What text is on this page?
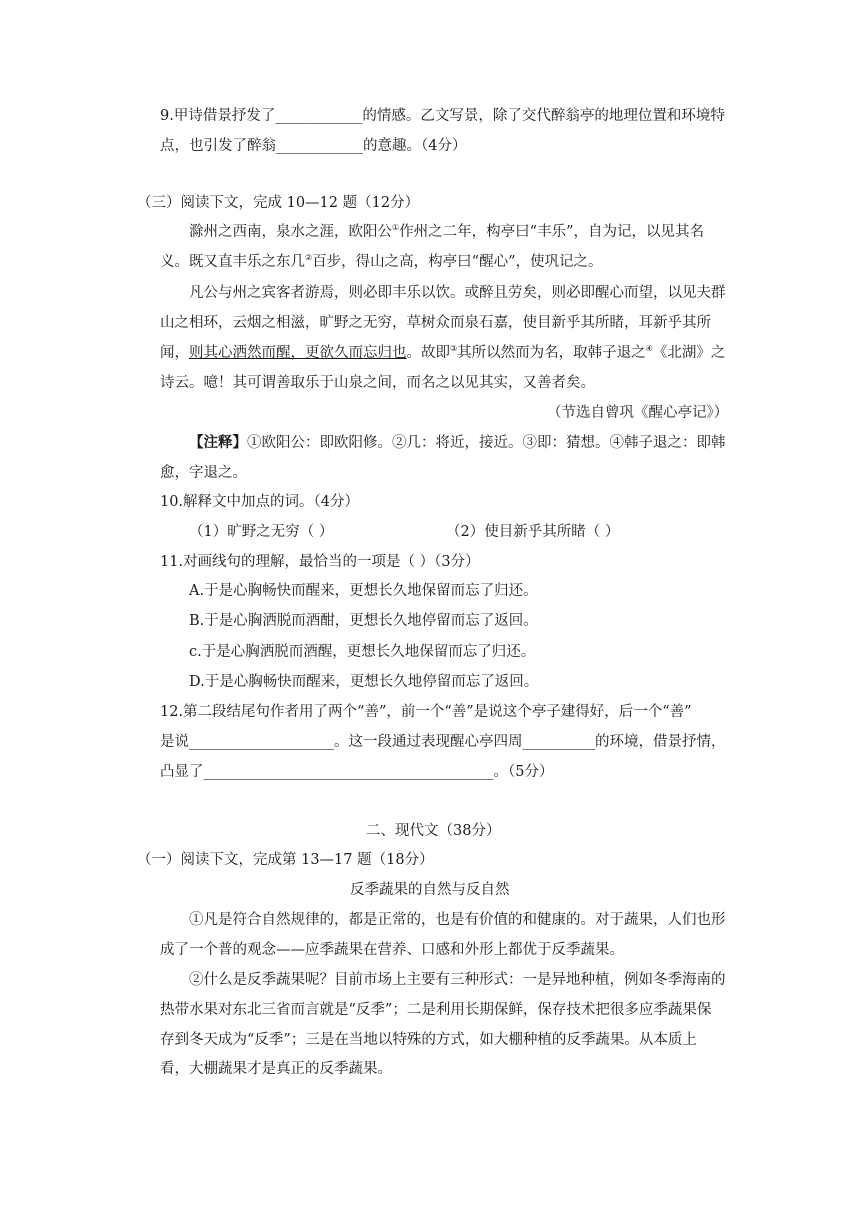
9.甲诗借景抒发了____________的情感。乙文写景，除了交代醉翁亭的地理位置和环境特
点，也引发了醉翁____________的意趣。（4分）
（三）阅读下文，完成 10—12 题（12分）
滁州之西南，泉水之涯，欧阳公①作州之二年，构亭曰“丰乐”，自为记，以见其名
义。既又直丰乐之东几②百步，得山之高，构亭曰“醒心”，使巩记之。
凡公与州之宾客者游焉，则必即丰乐以饮。或醉且劳矣，则必即醒心而望，以见夫群
山之相环，云烟之相滋，旷野之无穷，草树众而泉石嘉，使目新乎其所睹，耳新乎其所
闻，则其心洒然而醒，更欲久而忘归也。故即③其所以然而为名，取韩子退之④《北湖》之
诗云。噫！其可谓善取乐于山泉之间，而名之以见其实，又善者矣。
（节选自曾巩《醒心亭记》）
【注释】①欧阳公：即欧阳修。②几：将近，接近。③即：猜想。④韩子退之：即韩
愈，字退之。
10.解释文中加点的词。（4分）
（1）旷野之无穷（ ）	（2）使目新乎其所睹（ ）
11.对画线句的理解，最恰当的一项是（ ）（3分）
A.于是心胸畅快而醒来，更想长久地保留而忘了归还。
B.于是心胸洒脱而酒酣，更想长久地停留而忘了返回。
c.于是心胸洒脱而酒醒，更想长久地保留而忘了归还。
D.于是心胸畅快而醒来，更想长久地停留而忘了返回。
12.第二段结尾句作者用了两个“善”，前一个“善”是说这个亭子建得好，后一个“善”
是说____________________。这一段通过表现醒心亭四周__________的环境，借景抒情，
凸显了________________________________________。（5分）
二、现代文（38分）
（一）阅读下文，完成第 13—17 题（18分）
反季蔬果的自然与反自然
①凡是符合自然规律的，都是正常的，也是有价值的和健康的。对于蔬果，人们也形
成了一个普的观念——应季蔬果在营养、口感和外形上都优于反季蔬果。
②什么是反季蔬果呢？目前市场上主要有三种形式：一是异地种植，例如冬季海南的
热带水果对东北三省而言就是“反季”；二是利用长期保鲜，保存技术把很多应季蔬果保
存到冬天成为“反季”；三是在当地以特殊的方式，如大棚种植的反季蔬果。从本质上
看，大棚蔬果才是真正的反季蔬果。
